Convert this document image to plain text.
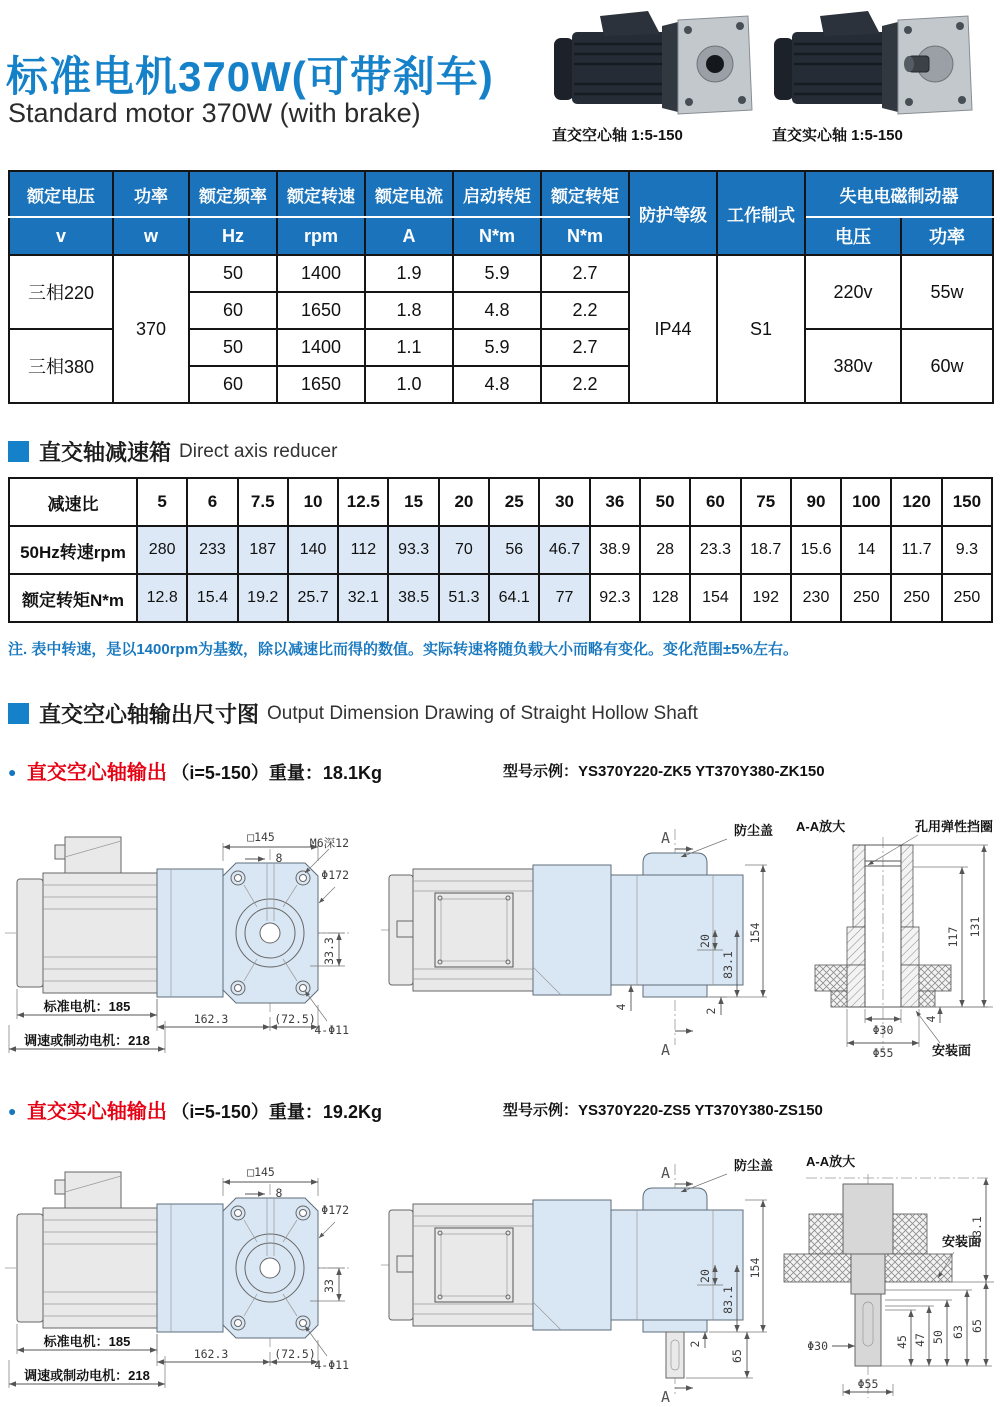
标准电机370W(可带刹车)
Standard motor 370W (with brake)
直交空心轴 1:5-150	直交实心轴 1:5-150
额定电压	功率	额定频率	额定转速	额定电流	启动转矩	额定转矩	防护等级	工作制式	失电电磁制动器	
v	w	Hz	rpm	A	N*m	N*m			电压	功率
三相220	370	50	1400	1.9	5.9	2.7	IP44	S1	220v	55w
		60	1650	1.8	4.8	2.2				
三相380		50	1400	1.1	5.9	2.7			380v	60w
		60	1650	1.0	4.8	2.2				
直交轴减速箱 Direct axis reducer
减速比	5	6	7.5	10	12.5	15	20	25	30	36	50	60	75	90	100	120	150
50Hz转速rpm	280	233	187	140	112	93.3	70	56	46.7	38.9	28	23.3	18.7	15.6	14	11.7	9.3
额定转矩N*m	12.8	15.4	19.2	25.7	32.1	38.5	51.3	64.1	77	92.3	128	154	192	230	250	250	250
注. 表中转速，是以1400rpm为基数，除以减速比而得的数值。实际转速将随负载大小而略有变化。变化范围±5%左右。
直交空心轴输出尺寸图 Output Dimension Drawing of Straight Hollow Shaft
● 直交空心轴输出 （i=5-150）重量：18.1Kg	型号示例：YS370Y220-ZK5 YT370Y380-ZK150
□145
8
M6深12
Φ172
33.3
4-Φ11
162.3	(72.5)
标准电机：185
调速或制动电机：218
A
A
防尘盖
154
83.1
20
4
2
A-A放大	孔用弹性挡圈
131
117
4
Φ30
Φ55	安装面
● 直交实心轴输出 （i=5-150）重量：19.2Kg	型号示例：YS370Y220-ZS5 YT370Y380-ZS150
□145
8
Φ172
33
4-Φ11
162.3	(72.5)
标准电机：185
调速或制动电机：218
A
A
防尘盖
154
83.1
20
2
65
A-A放大
安装面
83.1
65
63
50
47
45
Φ30
Φ55
